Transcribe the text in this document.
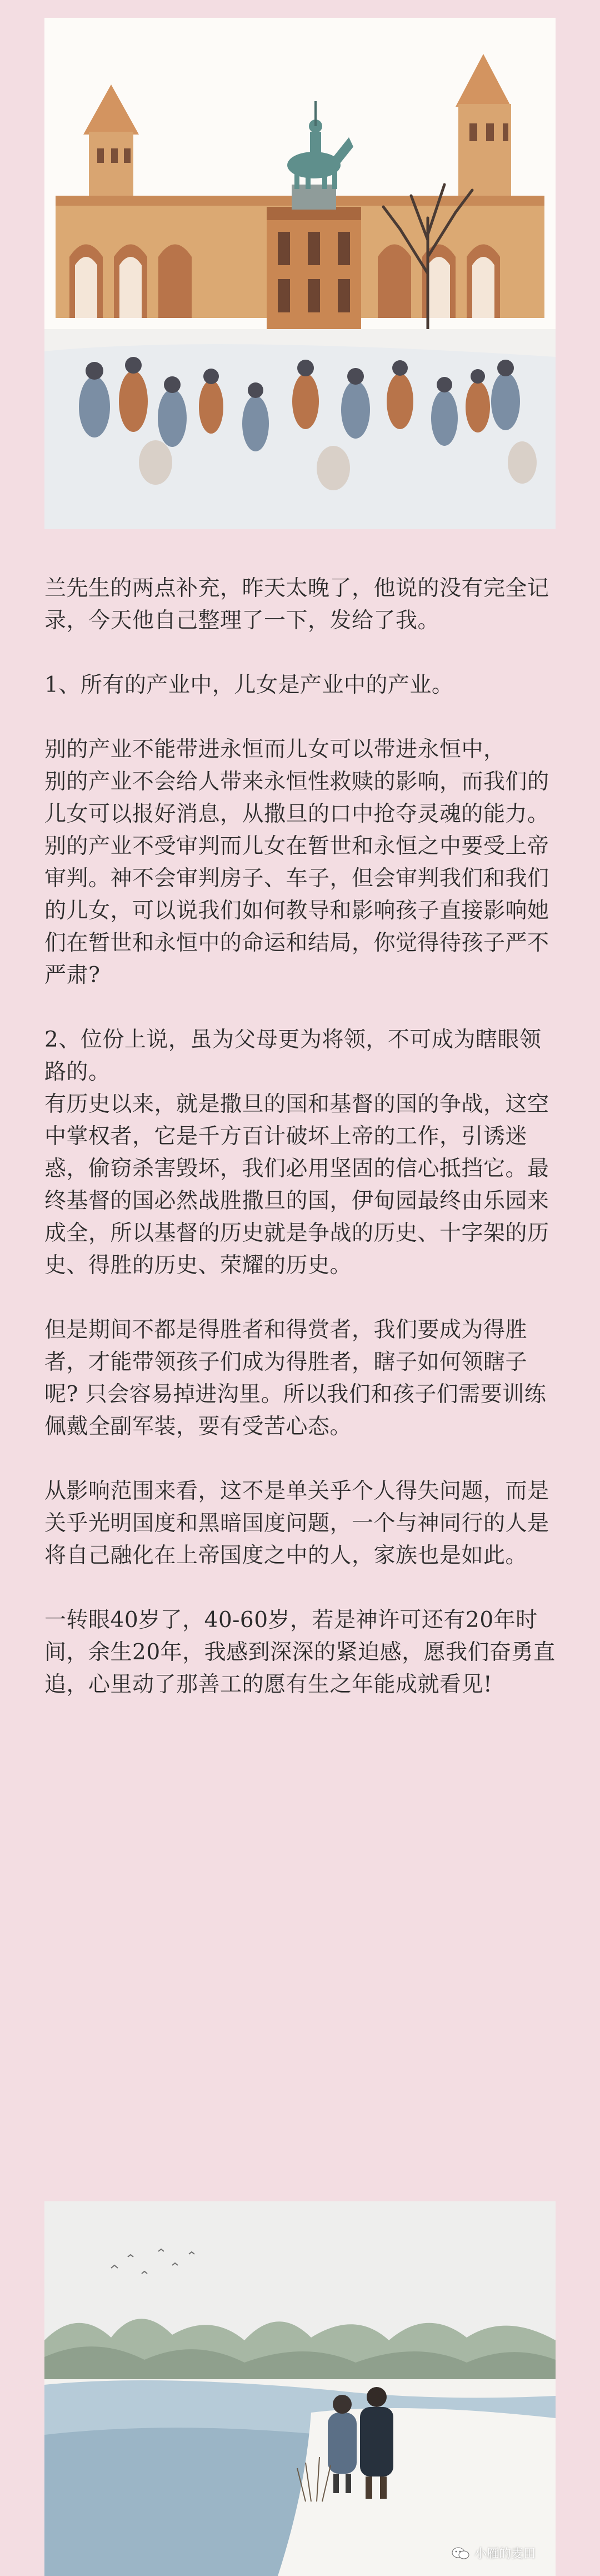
兰先生的两点补充，昨天太晚了，他说的没有完全记录，今天他自己整理了一下，发给了我。

1、所有的产业中，儿女是产业中的产业。

别的产业不能带进永恒而儿女可以带进永恒中，

别的产业不会给人带来永恒性救赎的影响，而我们的儿女可以报好消息，从撒旦的口中抢夺灵魂的能力。

别的产业不受审判而儿女在暂世和永恒之中要受上帝审判。神不会审判房子、车子，但会审判我们和我们的儿女，可以说我们如何教导和影响孩子直接影响她们在暂世和永恒中的命运和结局，你觉得待孩子严不严肃?

2、位份上说，虽为父母更为将领，不可成为瞎眼领路的。

有历史以来，就是撒旦的国和基督的国的争战，这空中掌权者，它是千方百计破坏上帝的工作，引诱迷惑，偷窃杀害毁坏，我们必用坚固的信心抵挡它。最终基督的国必然战胜撒旦的国，伊甸园最终由乐园来成全，所以基督的历史就是争战的历史、十字架的历史、得胜的历史、荣耀的历史。

但是期间不都是得胜者和得赏者，我们要成为得胜者，才能带领孩子们成为得胜者，瞎子如何领瞎子呢? 只会容易掉进沟里。所以我们和孩子们需要训练佩戴全副军装，要有受苦心态。

从影响范围来看，这不是单关乎个人得失问题，而是关乎光明国度和黑暗国度问题，一个与神同行的人是将自己融化在上帝国度之中的人，家族也是如此。

一转眼40岁了，40-60岁，若是神许可还有20年时间，余生20年，我感到深深的紧迫感，愿我们奋勇直追，心里动了那善工的愿有生之年能成就看见!

小雁的麦田
